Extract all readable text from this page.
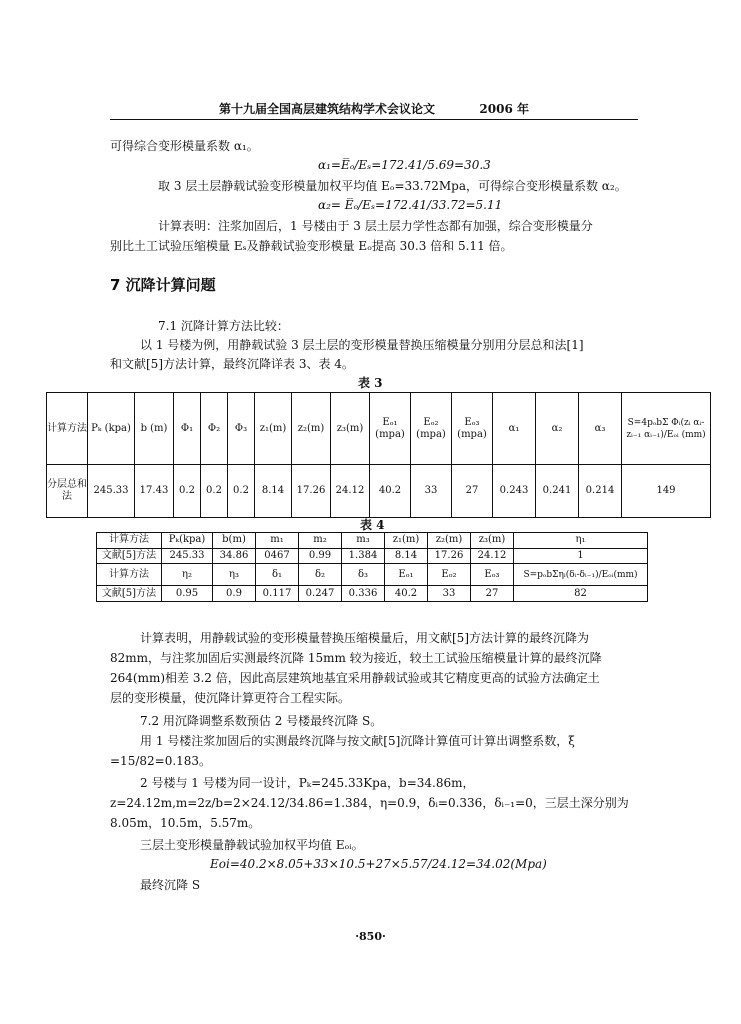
第十九届全国高层建筑结构学术会议论文	2006 年
可得综合变形模量系数 α₁。
α₁=E̅ₒ/Eₛ=172.41/5.69=30.3
取 3 层土层静载试验变形模量加权平均值 Eₒ=33.72Mpa，可得综合变形模量系数 α₂。
α₂= E̅ₒ/Eₛ=172.41/33.72=5.11
计算表明：注浆加固后，1 号楼由于 3 层土层力学性态都有加强，综合变形模量分
别比土工试验压缩模量 Eₛ及静载试验变形模量 Eₒ提高 30.3 倍和 5.11 倍。
7 沉降计算问题
7.1 沉降计算方法比较：
以 1 号楼为例，用静载试验 3 层土层的变形模量替换压缩模量分别用分层总和法[1]
和文献[5]方法计算，最终沉降详表 3、表 4。
表 3
计算方法	Pₖ (kpa)	b (m)	Φ₁	Φ₂	Φ₃	z₁(m)	z₂(m)	z₃(m)	Eₒ₁ (mpa)	Eₒ₂ (mpa)	Eₒ₃ (mpa)	α₁	α₂	α₃	S=4pₒbΣ Φᵢ(zᵢ αᵢ-zᵢ₋₁ αᵢ₋₁)/Eₒᵢ (mm)
分层总和法	245.33	17.43	0.2	0.2	0.2	8.14	17.26	24.12	40.2	33	27	0.243	0.241	0.214	149
表 4
计算方法	Pₖ(kpa)	b(m)	m₁	m₂	m₃	z₁(m)	z₂(m)	z₃(m)	η₁
文献[5]方法	245.33	34.86	0467	0.99	1.384	8.14	17.26	24.12	1
计算方法	η₂	η₃	δ₁	δ₂	δ₃	Eₒ₁	Eₒ₂	Eₒ₃	S=pₒbΣηᵢ(δᵢ-δᵢ₋₁)/Eₒᵢ(mm)
文献[5]方法	0.95	0.9	0.117	0.247	0.336	40.2	33	27	82
计算表明，用静载试验的变形模量替换压缩模量后，用文献[5]方法计算的最终沉降为
82mm，与注浆加固后实测最终沉降 15mm 较为接近，较土工试验压缩模量计算的最终沉降
264(mm)相差 3.2 倍，因此高层建筑地基宜采用静载试验或其它精度更高的试验方法确定土
层的变形模量，使沉降计算更符合工程实际。
7.2 用沉降调整系数预估 2 号楼最终沉降 S。
用 1 号楼注浆加固后的实测最终沉降与按文献[5]沉降计算值可计算出调整系数，ξ
=15/82=0.183。
2 号楼与 1 号楼为同一设计，Pₖ=245.33Kpa，b=34.86m，
z=24.12m,m=2z/b=2×24.12/34.86=1.384，η=0.9，δᵢ=0.336，δᵢ₋₁=0，三层土深分别为
8.05m，10.5m，5.57m。
三层土变形模量静载试验加权平均值 Eₒᵢ。
Eoi=40.2×8.05+33×10.5+27×5.57/24.12=34.02(Mpa)
最终沉降 S
·850·
